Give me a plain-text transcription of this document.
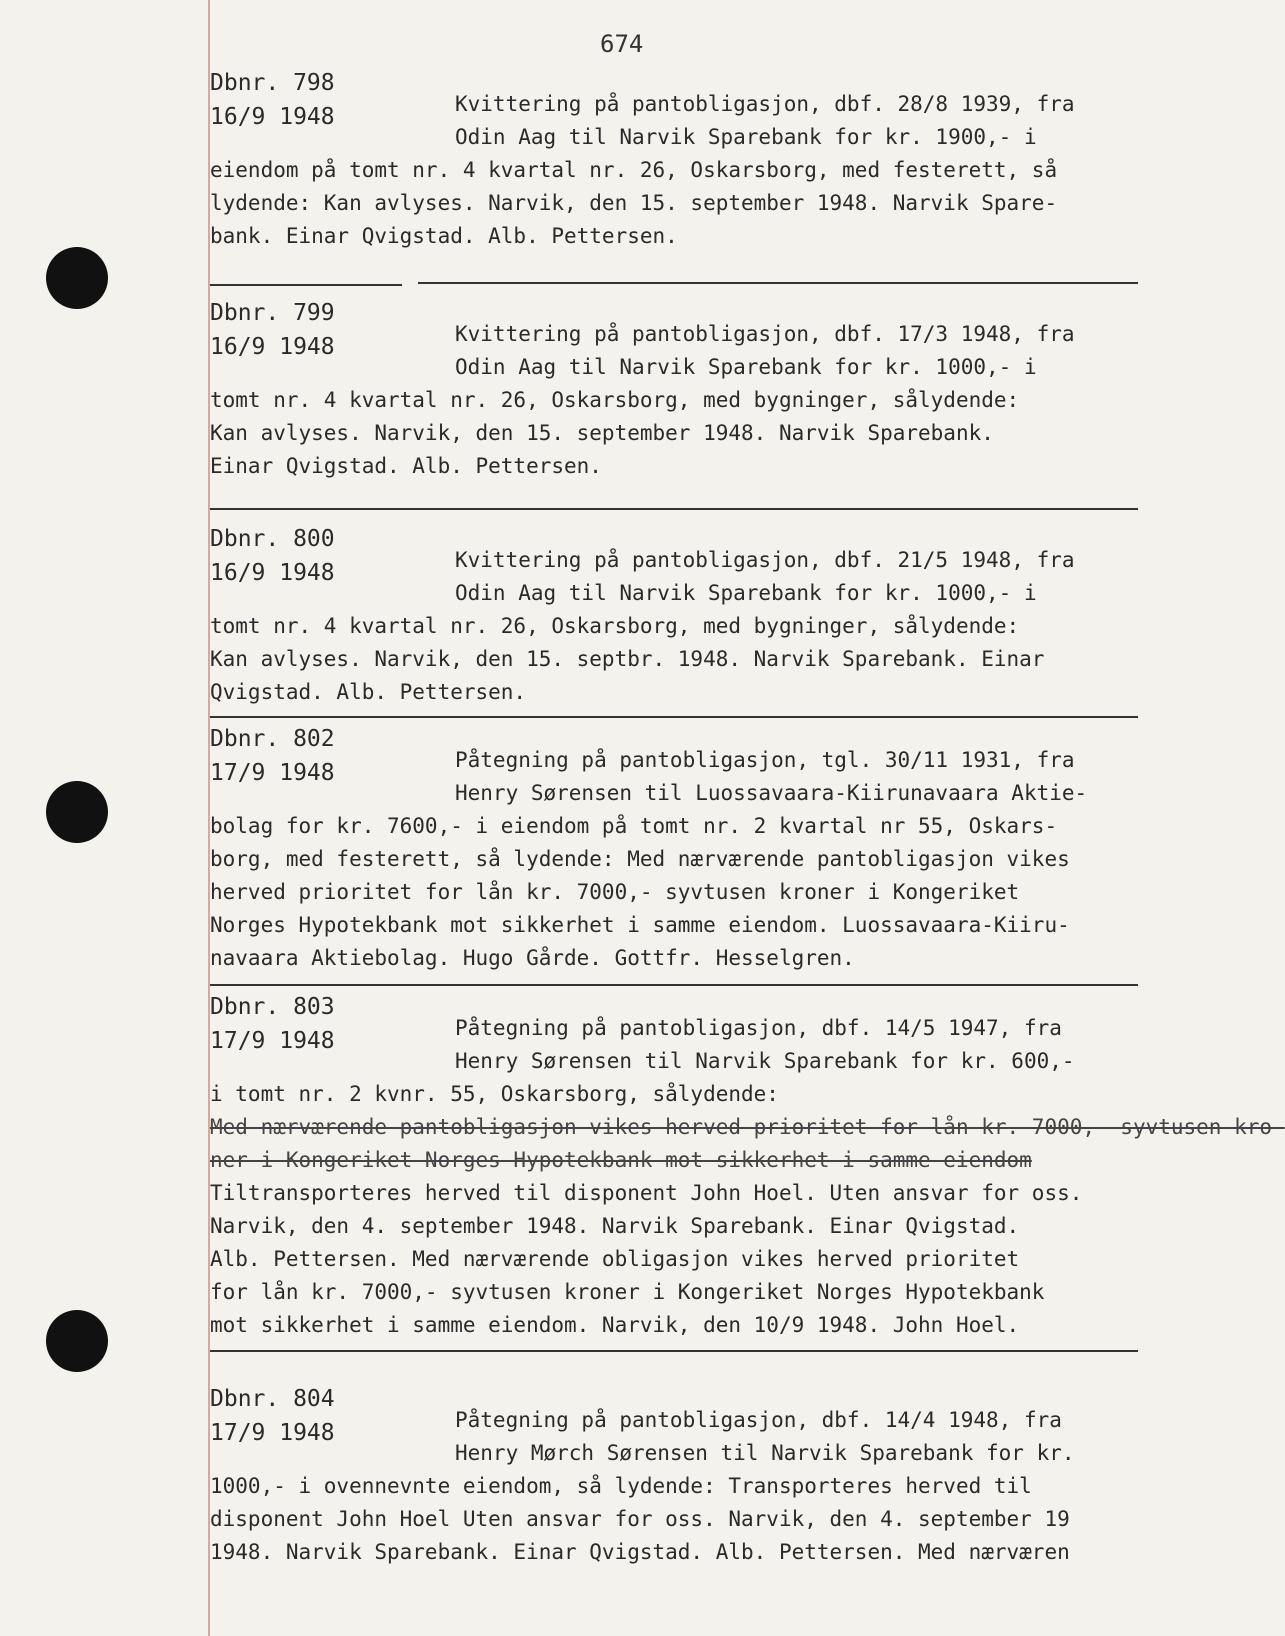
674
Dbnr. 798
16/9 1948	Kvittering på pantobligasjon, dbf. 28/8 1939, fra
Odin Aag til Narvik Sparebank for kr. 1900,- i
eiendom på tomt nr. 4 kvartal nr. 26, Oskarsborg, med festerett, så
lydende: Kan avlyses. Narvik, den 15. september 1948. Narvik Spare-
bank. Einar Qvigstad. Alb. Pettersen.
Dbnr. 799
16/9 1948	Kvittering på pantobligasjon, dbf. 17/3 1948, fra
Odin Aag til Narvik Sparebank for kr. 1000,- i
tomt nr. 4 kvartal nr. 26, Oskarsborg, med bygninger, sålydende:
Kan avlyses. Narvik, den 15. september 1948. Narvik Sparebank.
Einar Qvigstad. Alb. Pettersen.
Dbnr. 800
16/9 1948	Kvittering på pantobligasjon, dbf. 21/5 1948, fra
Odin Aag til Narvik Sparebank for kr. 1000,- i
tomt nr. 4 kvartal nr. 26, Oskarsborg, med bygninger, sålydende:
Kan avlyses. Narvik, den 15. septbr. 1948. Narvik Sparebank. Einar
Qvigstad. Alb. Pettersen.
Dbnr. 802
17/9 1948	Påtegning på pantobligasjon, tgl. 30/11 1931, fra
Henry Sørensen til Luossavaara-Kiirunavaara Aktie-
bolag for kr. 7600,- i eiendom på tomt nr. 2 kvartal nr 55, Oskars-
borg, med festerett, så lydende: Med nærværende pantobligasjon vikes
herved prioritet for lån kr. 7000,- syvtusen kroner i Kongeriket
Norges Hypotekbank mot sikkerhet i samme eiendom. Luossavaara-Kiiru-
navaara Aktiebolag. Hugo Gårde. Gottfr. Hesselgren.
Dbnr. 803
17/9 1948	Påtegning på pantobligasjon, dbf. 14/5 1947, fra
Henry Sørensen til Narvik Sparebank for kr. 600,-
i tomt nr. 2 kvnr. 55, Oskarsborg, sålydende:
Med nærværende pantobligasjon vikes herved prioritet for lån kr. 7000,- syvtusen kro-
ner i Kongeriket Norges Hypotekbank mot sikkerhet i samme eiendom
Tiltransporteres herved til disponent John Hoel. Uten ansvar for oss.
Narvik, den 4. september 1948. Narvik Sparebank. Einar Qvigstad.
Alb. Pettersen. Med nærværende obligasjon vikes herved prioritet
for lån kr. 7000,- syvtusen kroner i Kongeriket Norges Hypotekbank
mot sikkerhet i samme eiendom. Narvik, den 10/9 1948. John Hoel.
Dbnr. 804
17/9 1948	Påtegning på pantobligasjon, dbf. 14/4 1948, fra
Henry Mørch Sørensen til Narvik Sparebank for kr.
1000,- i ovennevnte eiendom, så lydende: Transporteres herved til
disponent John Hoel Uten ansvar for oss. Narvik, den 4. september 19
1948. Narvik Sparebank. Einar Qvigstad. Alb. Pettersen. Med nærværen
